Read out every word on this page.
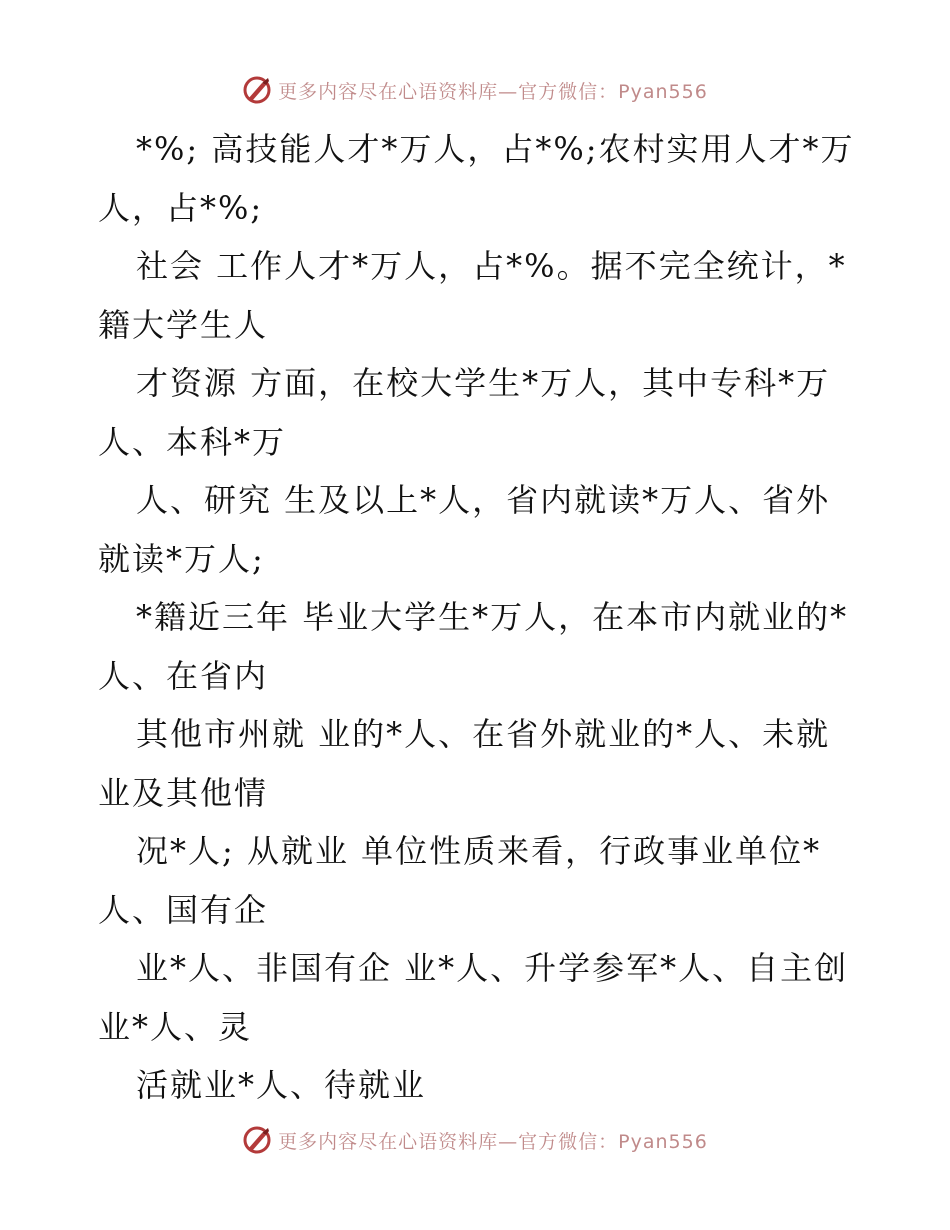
更多内容尽在心语资料库—官方微信：Pyan556
*%; 高技能人才*万人，占*%;农村实用人才*万
人，占*%;
社会 工作人才*万人，占*%。据不完全统计，*
籍大学生人
才资源 方面，在校大学生*万人，其中专科*万
人、本科*万
人、研究 生及以上*人，省内就读*万人、省外
就读*万人;
*籍近三年 毕业大学生*万人，在本市内就业的*
人、在省内
其他市州就 业的*人、在省外就业的*人、未就
业及其他情
况*人; 从就业 单位性质来看，行政事业单位*
人、国有企
业*人、非国有企 业*人、升学参军*人、自主创
业*人、灵
活就业*人、待就业
更多内容尽在心语资料库—官方微信：Pyan556
